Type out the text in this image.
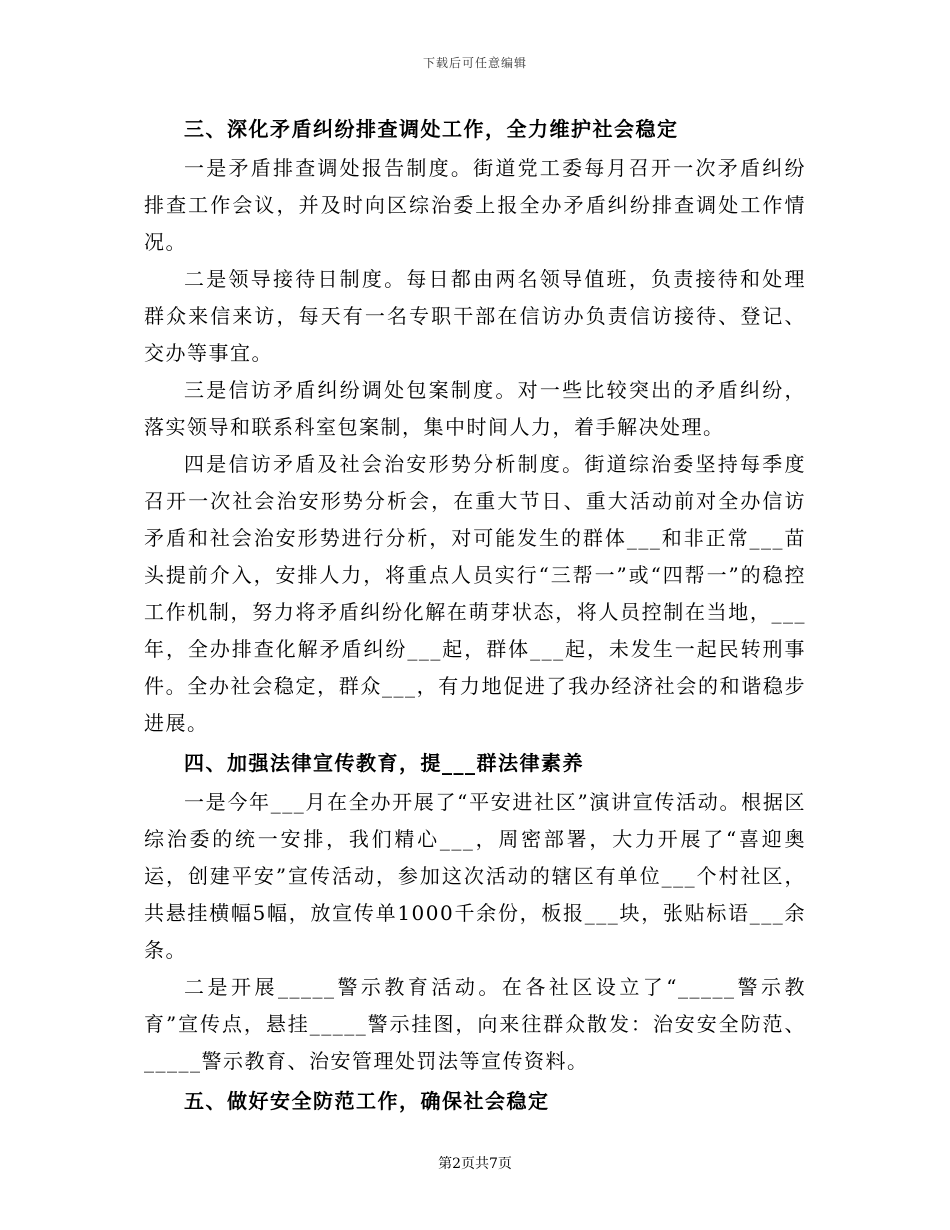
下载后可任意编辑
三、深化矛盾纠纷排查调处工作，全力维护社会稳定

一是矛盾排查调处报告制度。街道党工委每月召开一次矛盾纠纷排查工作会议，并及时向区综治委上报全办矛盾纠纷排查调处工作情况。

二是领导接待日制度。每日都由两名领导值班，负责接待和处理群众来信来访，每天有一名专职干部在信访办负责信访接待、登记、交办等事宜。

三是信访矛盾纠纷调处包案制度。对一些比较突出的矛盾纠纷，落实领导和联系科室包案制，集中时间人力，着手解决处理。

四是信访矛盾及社会治安形势分析制度。街道综治委坚持每季度召开一次社会治安形势分析会，在重大节日、重大活动前对全办信访矛盾和社会治安形势进行分析，对可能发生的群体___和非正常___苗头提前介入，安排人力，将重点人员实行“三帮一”或“四帮一”的稳控工作机制，努力将矛盾纠纷化解在萌芽状态，将人员控制在当地，___年，全办排查化解矛盾纠纷___起，群体___起，未发生一起民转刑事件。全办社会稳定，群众___，有力地促进了我办经济社会的和谐稳步进展。

四、加强法律宣传教育，提___群法律素养

一是今年___月在全办开展了“平安进社区”演讲宣传活动。根据区综治委的统一安排，我们精心___，周密部署，大力开展了“喜迎奥运，创建平安”宣传活动，参加这次活动的辖区有单位___个村社区，共悬挂横幅5幅，放宣传单1000千余份，板报___块，张贴标语___余条。

二是开展_____警示教育活动。在各社区设立了“_____警示教育”宣传点，悬挂_____警示挂图，向来往群众散发：治安安全防范、_____警示教育、治安管理处罚法等宣传资料。

五、做好安全防范工作，确保社会稳定
第2页共7页
